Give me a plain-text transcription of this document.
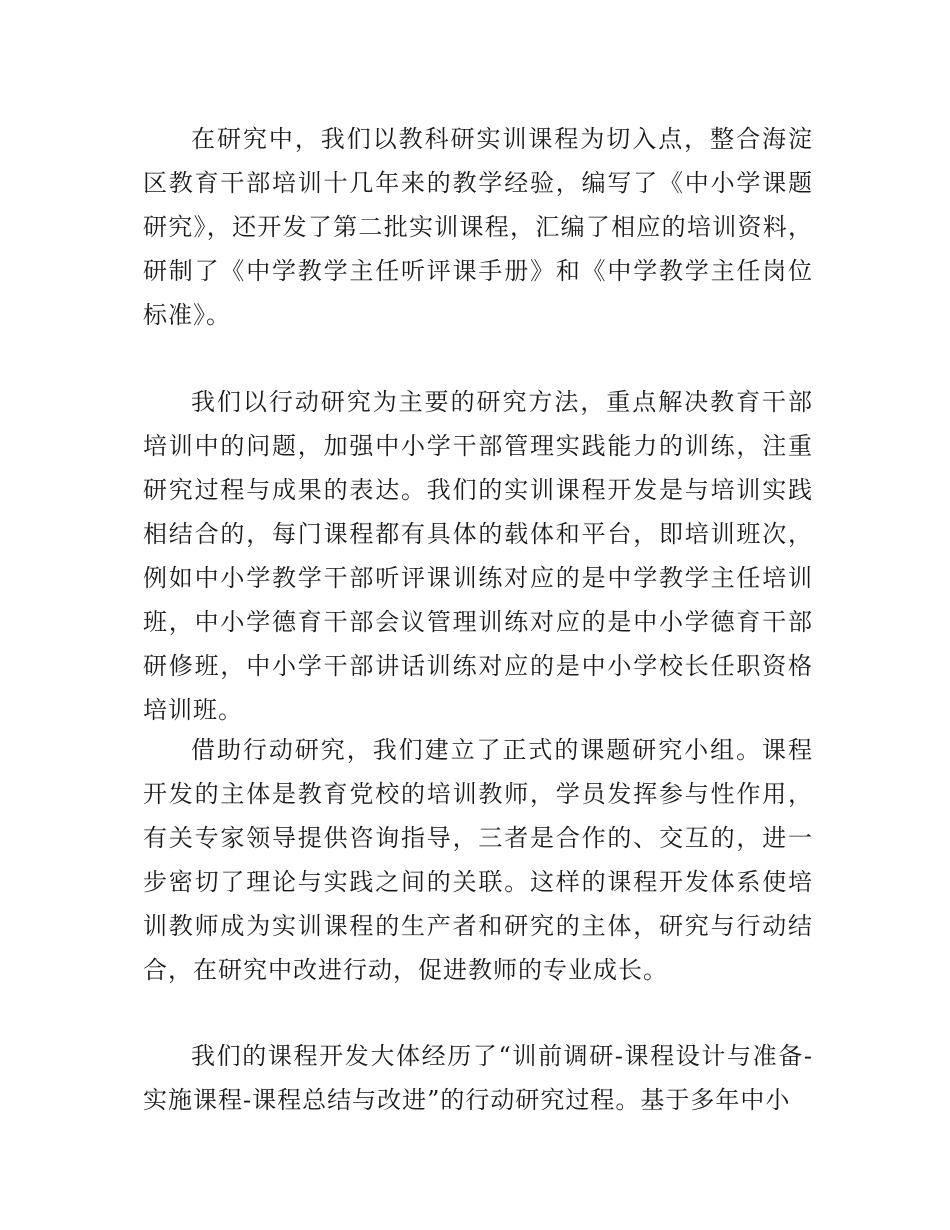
在研究中，我们以教科研实训课程为切入点，整合海淀区教育干部培训十几年来的教学经验，编写了《中小学课题研究》，还开发了第二批实训课程，汇编了相应的培训资料，研制了《中学教学主任听评课手册》和《中学教学主任岗位标准》。

我们以行动研究为主要的研究方法，重点解决教育干部培训中的问题，加强中小学干部管理实践能力的训练，注重研究过程与成果的表达。我们的实训课程开发是与培训实践相结合的，每门课程都有具体的载体和平台，即培训班次，例如中小学教学干部听评课训练对应的是中学教学主任培训班，中小学德育干部会议管理训练对应的是中小学德育干部研修班，中小学干部讲话训练对应的是中小学校长任职资格培训班。

借助行动研究，我们建立了正式的课题研究小组。课程开发的主体是教育党校的培训教师，学员发挥参与性作用，有关专家领导提供咨询指导，三者是合作的、交互的，进一步密切了理论与实践之间的关联。这样的课程开发体系使培训教师成为实训课程的生产者和研究的主体，研究与行动结合，在研究中改进行动，促进教师的专业成长。

我们的课程开发大体经历了“训前调研-课程设计与准备-实施课程-课程总结与改进”的行动研究过程。基于多年中小
